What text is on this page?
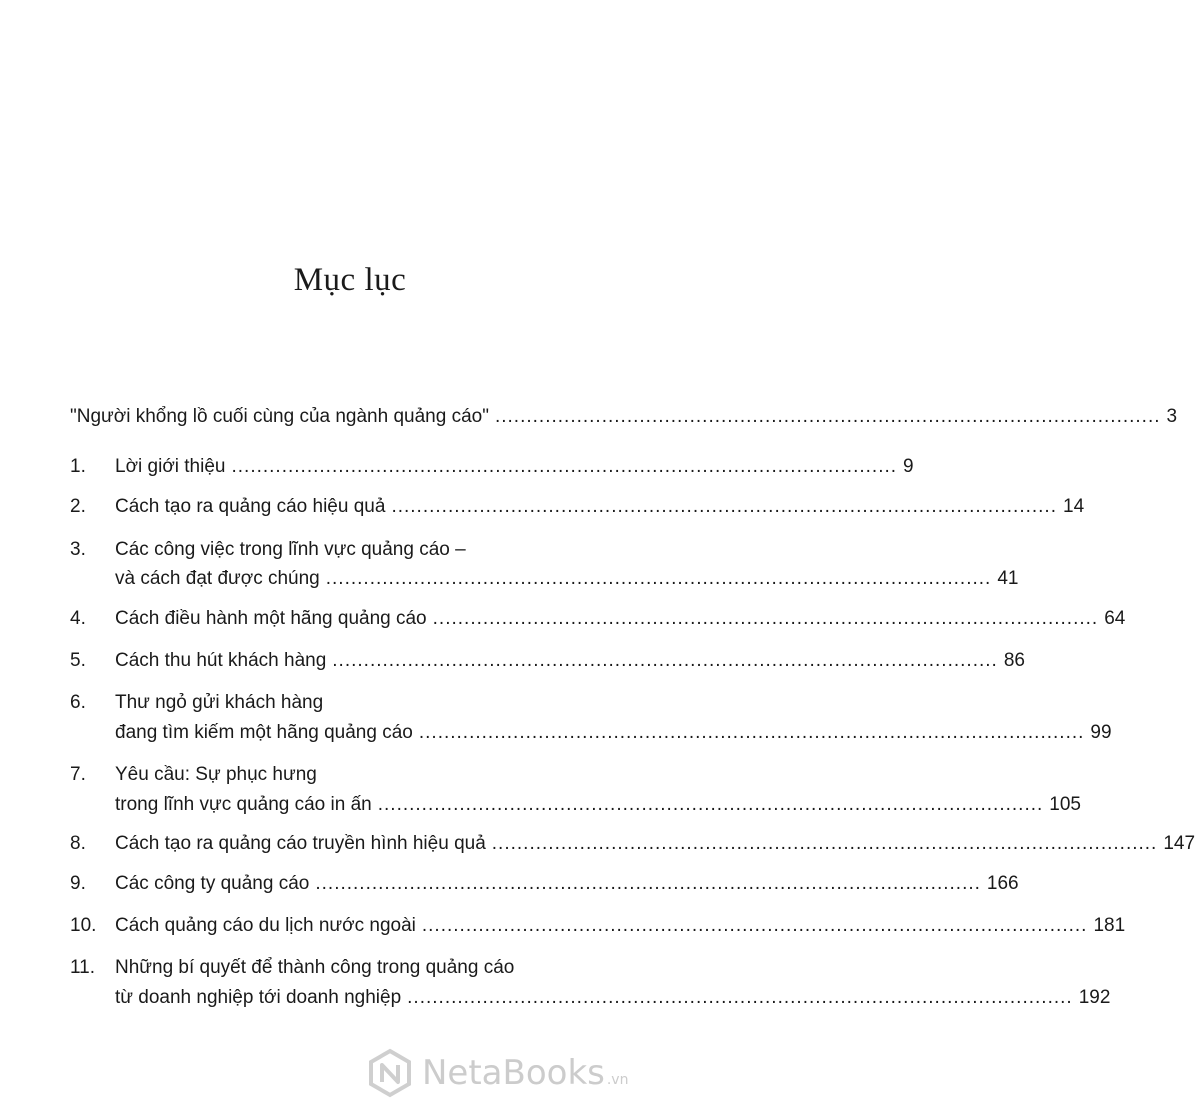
Mục lục
"Người khổng lồ cuối cùng của ngành quảng cáo" .......................................................................................................... 3
1. Lời giới thiệu .......................................................................................................... 9
2. Cách tạo ra quảng cáo hiệu quả .......................................................................................................... 14
3. Các công việc trong lĩnh vực quảng cáo –
và cách đạt được chúng .......................................................................................................... 41
4. Cách điều hành một hãng quảng cáo .......................................................................................................... 64
5. Cách thu hút khách hàng .......................................................................................................... 86
6. Thư ngỏ gửi khách hàng
đang tìm kiếm một hãng quảng cáo .......................................................................................................... 99
7. Yêu cầu: Sự phục hưng
trong lĩnh vực quảng cáo in ấn .......................................................................................................... 105
8. Cách tạo ra quảng cáo truyền hình hiệu quả .......................................................................................................... 147
9. Các công ty quảng cáo .......................................................................................................... 166
10. Cách quảng cáo du lịch nước ngoài .......................................................................................................... 181
11. Những bí quyết để thành công trong quảng cáo
từ doanh nghiệp tới doanh nghiệp .......................................................................................................... 192
NetaBooks .vn
